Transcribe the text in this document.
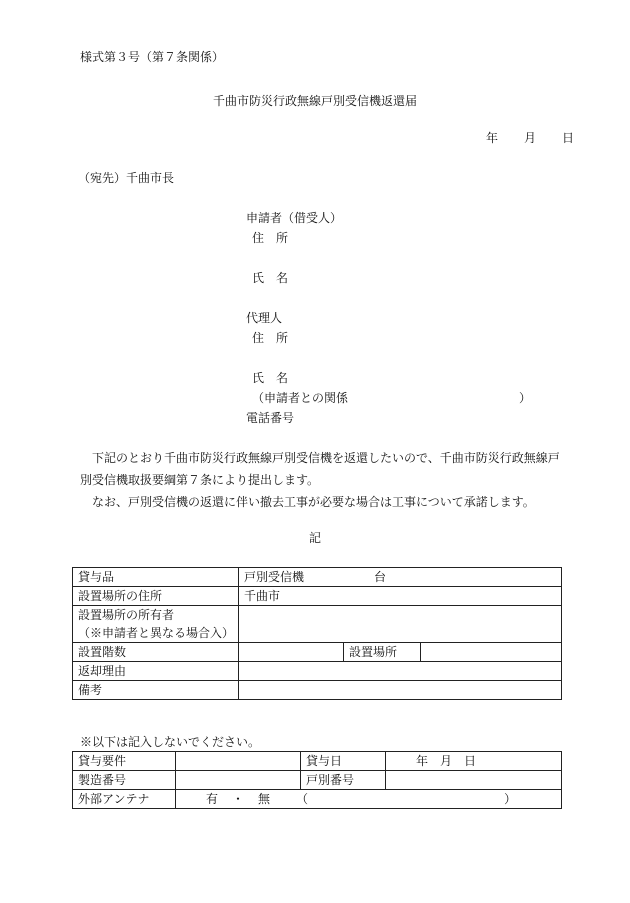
様式第３号（第７条関係）
千曲市防災行政無線戸別受信機返還届
年 月 日
（宛先）千曲市長
申請者（借受人）
住　所
氏　名
代理人
住　所
氏　名
（申請者との関係	）
電話番号
下記のとおり千曲市防災行政無線戸別受信機を返還したいので、千曲市防災行政無線戸別受信機取扱要綱第７条により提出します。
なお、戸別受信機の返還に伴い撤去工事が必要な場合は工事について承諾します。
記
貸与品	戸別受信機 台		
設置場所の住所	千曲市		
設置場所の所有者
（※申請者と異なる場合入）			
設置階数		設置場所	
返却理由			
備考			
※以下は記入しないでください。
貸与要件		貸与日	年 月 日
製造番号		戸別番号	
外部アンテナ	有 ・ 無 （ ）		
